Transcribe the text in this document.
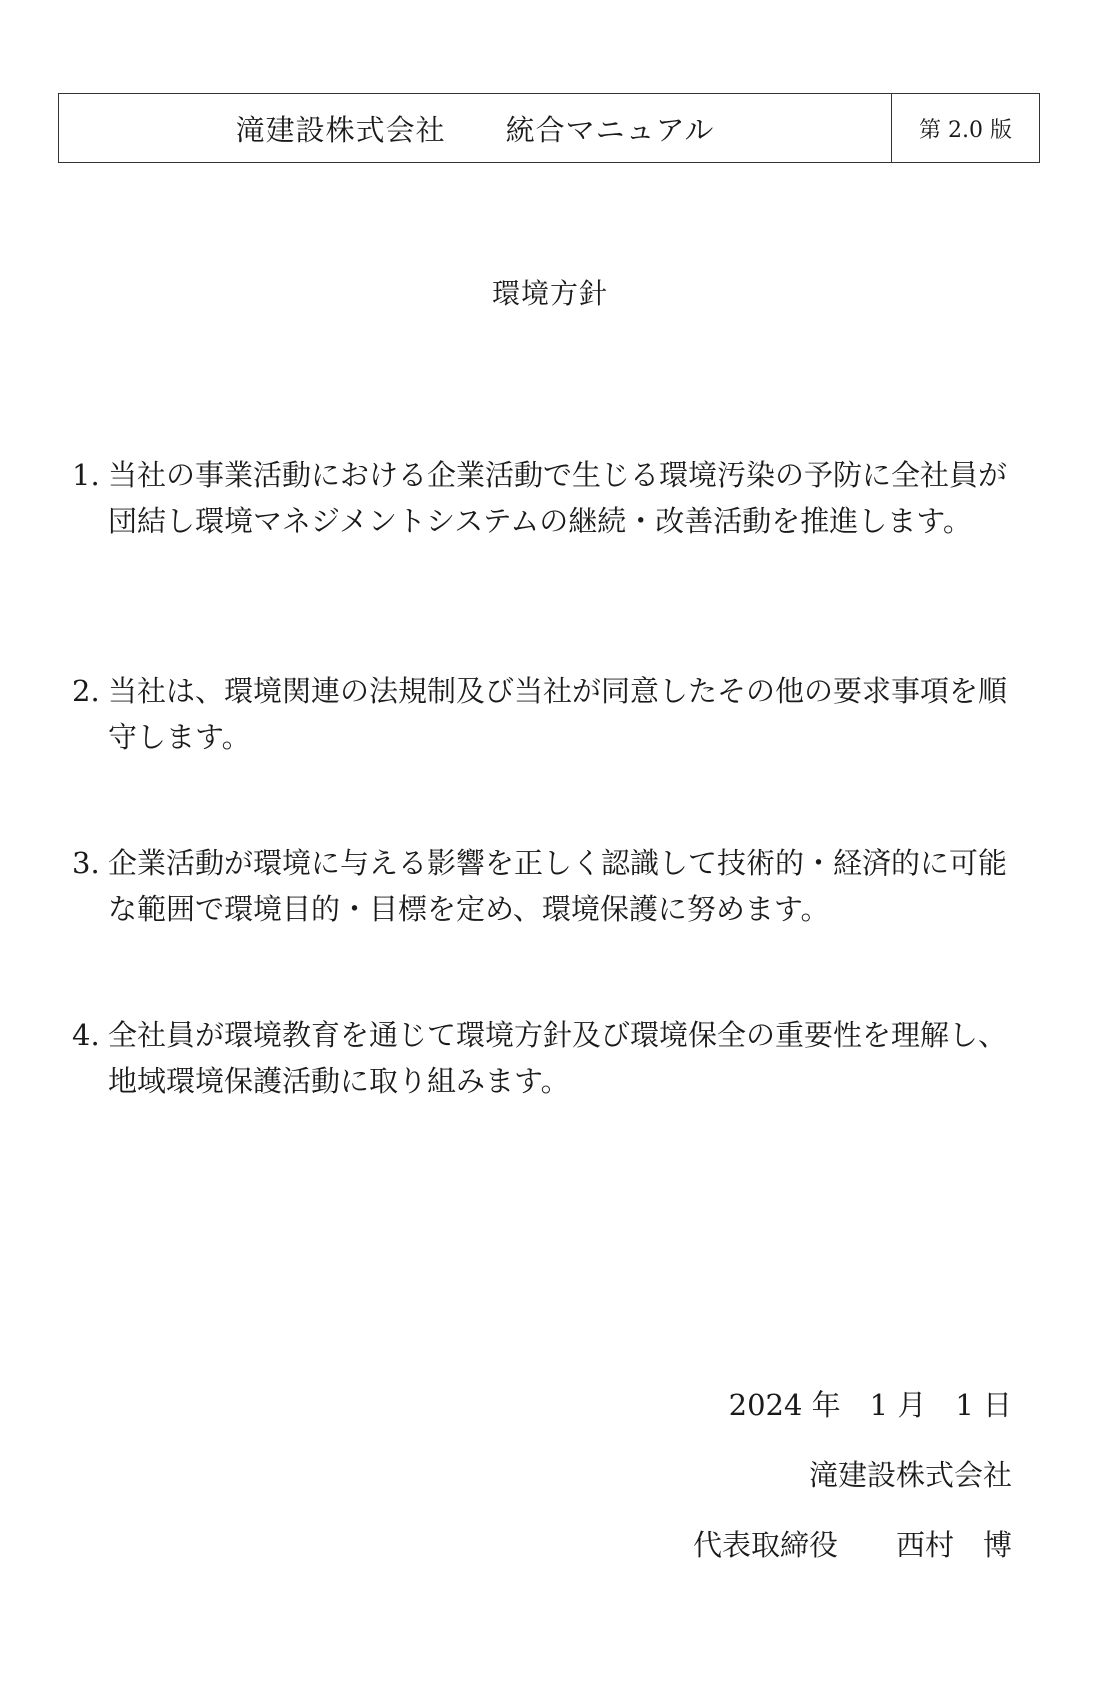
滝建設株式会社　　統合マニュアル	第 2.0 版
環境方針
1. 当社の事業活動における企業活動で生じる環境汚染の予防に全社員が団結し環境マネジメントシステムの継続・改善活動を推進します。
2. 当社は、環境関連の法規制及び当社が同意したその他の要求事項を順守します。
3. 企業活動が環境に与える影響を正しく認識して技術的・経済的に可能な範囲で環境目的・目標を定め、環境保護に努めます。
4. 全社員が環境教育を通じて環境方針及び環境保全の重要性を理解し、地域環境保護活動に取り組みます。
2024 年　1 月　1 日
滝建設株式会社
代表取締役　　西村　博
